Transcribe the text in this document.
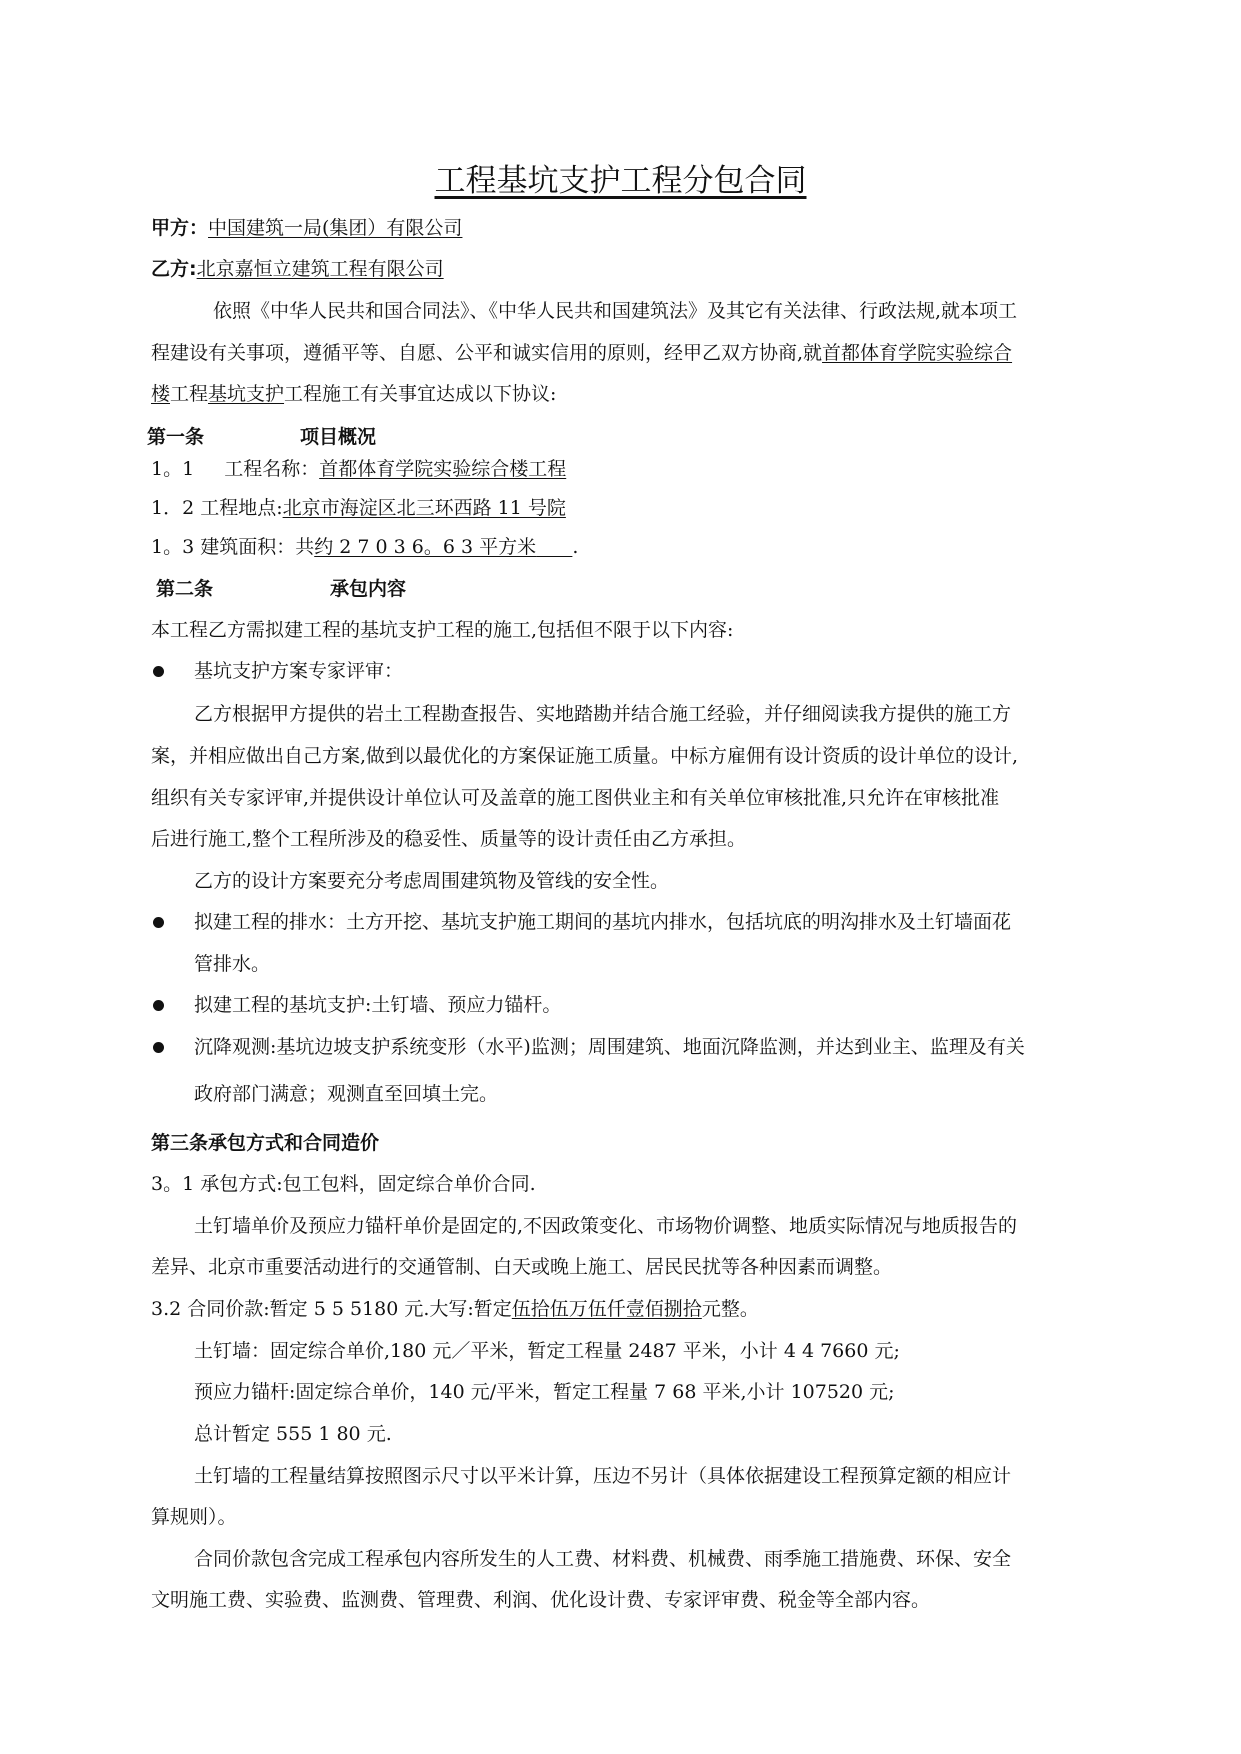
工程基坑支护工程分包合同
甲方：中国建筑一局(集团）有限公司
乙方:北京嘉恒立建筑工程有限公司
依照《中华人民共和国合同法》、《中华人民共和国建筑法》及其它有关法律、行政法规,就本项工
程建设有关事项，遵循平等、自愿、公平和诚实信用的原则，经甲乙双方协商,就首都体育学院实验综合
楼工程基坑支护工程施工有关事宜达成以下协议:
第一条	项目概况
1。1 工程名称：首都体育学院实验综合楼工程
1．2 工程地点:北京市海淀区北三环西路 11 号院
1。3 建筑面积：共约 2 7 0 3 6。6 3 平方米 .
第二条	承包内容
本工程乙方需拟建工程的基坑支护工程的施工,包括但不限于以下内容:
基坑支护方案专家评审：
乙方根据甲方提供的岩土工程勘查报告、实地踏勘并结合施工经验，并仔细阅读我方提供的施工方
案，并相应做出自己方案,做到以最优化的方案保证施工质量。中标方雇佣有设计资质的设计单位的设计,
组织有关专家评审,并提供设计单位认可及盖章的施工图供业主和有关单位审核批准,只允许在审核批准
后进行施工,整个工程所涉及的稳妥性、质量等的设计责任由乙方承担。
乙方的设计方案要充分考虑周围建筑物及管线的安全性。
拟建工程的排水：土方开挖、基坑支护施工期间的基坑内排水，包括坑底的明沟排水及土钉墙面花
管排水。
拟建工程的基坑支护:土钉墙、预应力锚杆。
沉降观测:基坑边坡支护系统变形（水平)监测；周围建筑、地面沉降监测，并达到业主、监理及有关
政府部门满意；观测直至回填土完。
第三条承包方式和合同造价
3。1 承包方式:包工包料，固定综合单价合同.
土钉墙单价及预应力锚杆单价是固定的,不因政策变化、市场物价调整、地质实际情况与地质报告的
差异、北京市重要活动进行的交通管制、白天或晚上施工、居民民扰等各种因素而调整。
3.2 合同价款:暂定 5 5 5180 元.大写:暂定伍拾伍万伍仟壹佰捌拾元整。
土钉墙：固定综合单价,180 元／平米，暂定工程量 2487 平米，小计 4 4 7660 元;
预应力锚杆:固定综合单价，140 元/平米，暂定工程量 7 68 平米,小计 107520 元;
总计暂定 555 1 80 元.
土钉墙的工程量结算按照图示尺寸以平米计算，压边不另计（具体依据建设工程预算定额的相应计
算规则）。
合同价款包含完成工程承包内容所发生的人工费、材料费、机械费、雨季施工措施费、环保、安全
文明施工费、实验费、监测费、管理费、利润、优化设计费、专家评审费、税金等全部内容。
